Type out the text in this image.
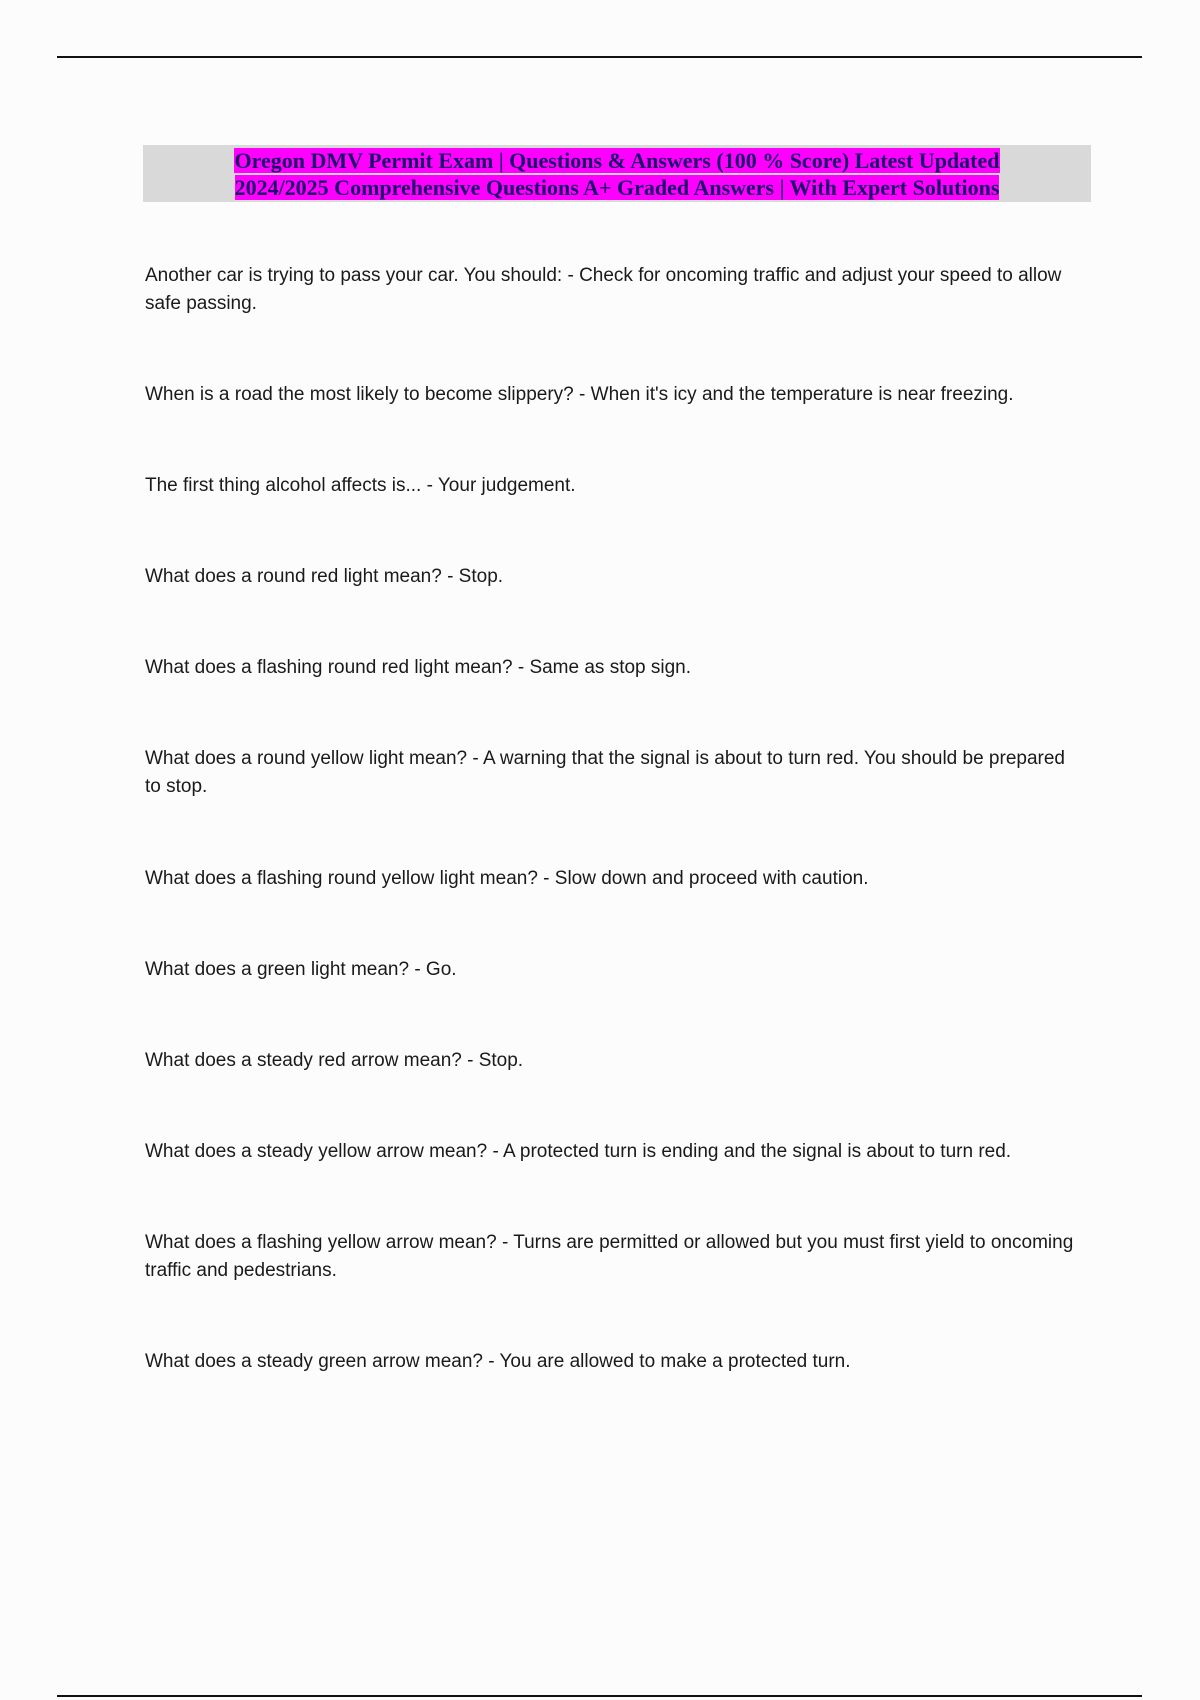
Oregon DMV Permit Exam | Questions & Answers (100 % Score) Latest Updated 2024/2025 Comprehensive Questions A+ Graded Answers | With Expert Solutions

Another car is trying to pass your car. You should: - Check for oncoming traffic and adjust your speed to allow safe passing.
When is a road the most likely to become slippery? - When it's icy and the temperature is near freezing.
The first thing alcohol affects is... - Your judgement.
What does a round red light mean? - Stop.
What does a flashing round red light mean? - Same as stop sign.
What does a round yellow light mean? - A warning that the signal is about to turn red. You should be prepared to stop.
What does a flashing round yellow light mean? - Slow down and proceed with caution.
What does a green light mean? - Go.
What does a steady red arrow mean? - Stop.
What does a steady yellow arrow mean? - A protected turn is ending and the signal is about to turn red.
What does a flashing yellow arrow mean? - Turns are permitted or allowed but you must first yield to oncoming traffic and pedestrians.
What does a steady green arrow mean? - You are allowed to make a protected turn.
